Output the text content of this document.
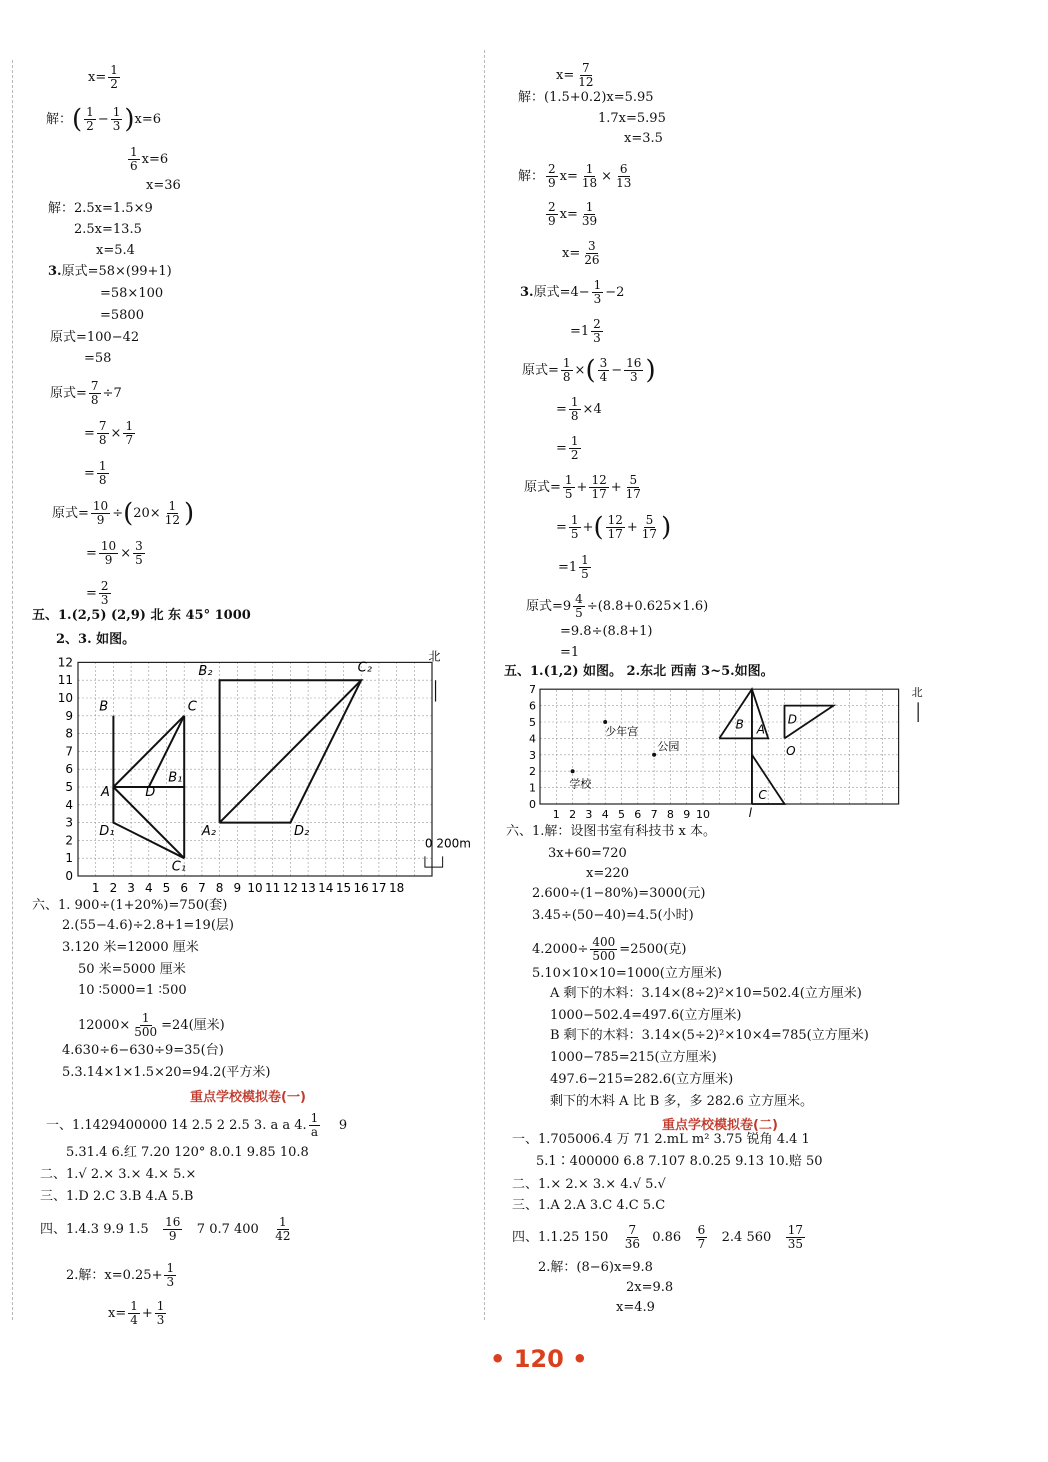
$x= \frac{1}{2}$
解：( $\frac{1}{2} - \frac{1}{3} )x=6$
$\frac{1}{6} x=6$
x=36
解：2.5x=1.5×9
2.5x=13.5
x=5.4
3.原式=58×(99+1)
=58×100
=5800
原式=100−42
=58
原式= $\frac{7}{8} \div 7$
= $\frac{7}{8} \times \frac{1}{7}$
= $\frac{1}{8}$
原式= $\frac{10}{9} \div(20\times \frac{1}{12}$ )
= $\frac{10}{9} \times \frac{3}{5}$
= $\frac{2}{3}$
五、1.(2,5) (2,9) 北 东 45° 1000
2、3. 如图。
0
1
2
3
4
5
6
7
8
9
10
11
12
1 2 3 4 5 6 7 8 9 10 11 12 13 14 15 16 17 18
B	C
A	D
B₁
C₁
D₁	A₂
B₂	C₂
D₂
北
0 200m
六、1. 900÷(1+20%)=750(套)
2.(55−4.6)÷2.8+1=19(层)
3.120 米=12000 厘米
50 米=5000 厘米
10 ∶5000=1 ∶500
$12000\times \frac{1}{500} =24$(厘米)
4.630÷6−630÷9=35(台)
5.3.14×1×1.5×20=94.2(平方米)
重点学校模拟卷(一)
一、1.1429400000 14 2.5 2 2.5 3. a a 4. $\frac{1}{a} 9$
5.31.4 6.红 7.20 120° 8.0.1 9.85 10.8
二、1.√ 2.× 3.× 4.× 5.×
三、1.D 2.C 3.B 4.A 5.B
四、1.4.3 9.9 $1.5 \frac{16}{9} 7$ 0.7 $400 \frac{1}{42}$
2.解：$x=0.25+ \frac{1}{3}$
$x= \frac{1}{4} + \frac{1}{3}$
$x= \frac{7}{12}$
解：(1.5+0.2)x=5.95
1.7x=5.95
x=3.5
解： $\frac{2}{9} x= \frac{1}{18} \times \frac{6}{13}$
$\frac{2}{9} x= \frac{1}{39}$
$x= \frac{3}{26}$
3.原式$=4- \frac{1}{3} -2$
$=1 \frac{2}{3}$
原式= $\frac{1}{8}$ ×( $\frac{3}{4} - \frac{16}{3}$ )
= $\frac{1}{8} \times 4$
= $\frac{1}{2}$
原式= $\frac{1}{5} + \frac{12}{17} + \frac{5}{17}$
= $\frac{1}{5}$ +( $\frac{12}{17} + \frac{5}{17}$ )
$=1 \frac{1}{5}$
原式$=9 \frac{4}{5} \div(8.8+0.625\times 1.6)$
=9.8÷(8.8+1)
=1
五、1.(1,2) 如图。 2.东北 西南 3~5.如图。
0
1
2
3
4
5
6
7
1 2 3 4 5 6 7 8 9 10
B A
D
O
C
l
少年宫
公园
学校
北
六、1.解：设图书室有科技书 x 本。
3x+60=720
x=220
2.600÷(1−80%)=3000(元)
3.45÷(50−40)=4.5(小时)
$4.2000\div \frac{400}{500} =2500$(克)
5.10×10×10=1000(立方厘米)
A 剩下的木料：3.14×(8÷2)²×10=502.4(立方厘米)
1000−502.4=497.6(立方厘米)
B 剩下的木料：3.14×(5÷2)²×10×4=785(立方厘米)
1000−785=215(立方厘米)
497.6−215=282.6(立方厘米)
剩下的木料 A 比 B 多，多 282.6 立方厘米。
重点学校模拟卷(二)
一、1.705006.4 万 71 2.mL m² 3.75 锐角 4.4 1
5.1∶400000 6.8 7.107 8.0.25 9.13 10.赔 50
二、1.× 2.× 3.× 4.√ 5.√
三、1.A 2.A 3.C 4.C 5.C
四、1.1.25 $150 \frac{7}{36} 0.86 \frac{6}{7} 2.4$ $560 \frac{17}{35}$
2.解：(8−6)x=9.8
2x=9.8
x=4.9
• 120 •
